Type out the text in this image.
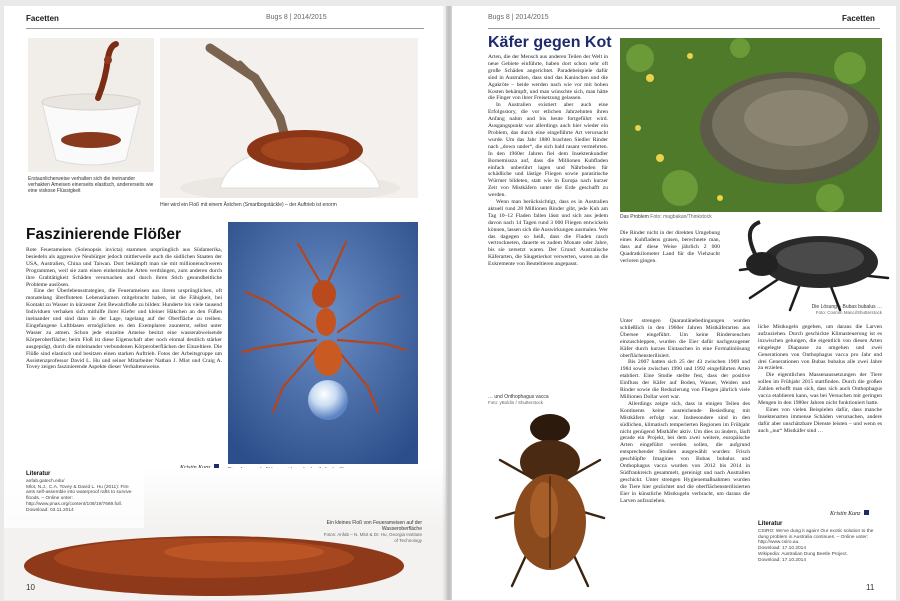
Facetten	Bugs 8 | 2014/2015
Erstaunlicherweise verhalten sich die ineinander verhakten Ameisen einerseits elastisch, andererseits wie eine viskose Flüssigkeit
Hier wird ein Floß mit einem Ästchen (Smartbogstäckle) – der Auftrieb ist enorm
Faszinierende Flößer

Rote Feuerameisen (Solenopsis invicta) stammen ursprünglich aus Südamerika, besiedeln als aggressive Neubürger jedoch mittlerweile auch die südlichen Staaten der USA, Australien, China und Taiwan. Dort bekämpft man sie mit millionenschweren Programmen, weil sie zum einen einheimische Arten verdrängen, zum anderen durch ihre Grabtätigkeit Schäden verursachen und durch ihren Stich gesundheitliche Probleme auslösen.

Eine der Überlebensstrategien, die Feuerameisen aus ihrem ursprünglichen, oft monatelang überfluteten Lebensräumen mitgebracht haben, ist die Fähigkeit, bei Kontakt zu Wasser in kürzester Zeit Bewahrfloße zu bilden: Hunderte bis viele tausend Individuen verhaken sich mithilfe ihrer Kiefer und kleiner Häkchen an den Füßen ineinander und sind dann in der Lage, tagelang auf der Oberfläche zu treiben. Eingefangene Luftblasen ermöglichen es den Exemplaren zuunterst, selbst unter Wasser zu atmen. Schon jede einzelne Ameise besitzt eine wasserabweisende Körperoberfläche; beim Floß ist diese Eigenschaft aber noch einmal deutlich stärker ausgeprägt, durch die miteinander verbundenen Körperoberflächen der Einzeltiere. Die Flöße sind elastisch und besitzen einen starken Auftrieb. Fotos der Arbeitsgruppe um Assistenzprofessor David L. Hu und seiner Mitarbeiter Nathan J. Mlot und Craig A. Tovey zeigen faszinierende Aspekte dieser Verhaltensweise.

Literatur
anfab.gatech.edu/
Mlot, N.J., C.A. Tovey & David L. Hu (2011): Fire ants self-assemble into waterproof rafts to survive floods. – Online unter: http://www.pnas.org/content/108/19/7669.full.
Download: 03.11.2014
Ein kleines Floß von Feuerameisen auf der Wasseroberfläche
Fotos: Anfab – N. Mlot & Dr. Hu, Georgia Institute of Technology
10
Bugs 8 | 2014/2015	Facetten
Käfer gegen Kot

Arten, die der Mensch aus anderen Teilen der Welt in neue Gebiete einführte, haben dort schon sehr oft große Schäden angerichtet. Paradebeispiele dafür sind in Australien, dass sind das Kaninchen und die Agakröte – beide werden nach wie vor mit hohen Kosten bekämpft, und man wünschte sich, man hätte die Finger von ihrer Freisetzung gelassen.

In Australien existiert aber auch eine Erfolgsstory, die vor etlichen Jahrzehnten ihren Anfang nahm und bis heute fortgeführt wird. Ausgangspunkt war allerdings auch hier wieder ein Problem, das durch eine eingeführte Art verursacht wurde. Um das Jahr 1880 brachten Siedler Rinder nach „down under“, die sich bald rasant vermehrten. In den 1960er Jahren fiel dem Insektenkundler Bornemissza auf, dass die Millionen Kuhfladen einfach unberührt lagen und Nährboden für schädliche und lästige Fliegen sowie parasitische Würmer bildeten, statt wie in Europa nach kurzer Zeit von Mistkäfern unter die Erde geschafft zu werden.

Wenn man berücksichtigt, dass es in Australien aktuell rund 28 Millionen Rinder gibt, jede Kuh am Tag 10–12 Fladen fallen lässt und sich aus jedem davon nach 14 Tagen rund 3 000 Fliegen entwickeln können, lassen sich die Auswirkungen ausmalen. Wer das dagegen so heiß, dass die Fladen rasch vertrockneten, dauerte es zudem Monate oder Jahre, bis sie zersetzt waren. Der Grund: Australische Käferarten, die Säugetierkot verwerten, waren an die Exkremente von Beuteltieren angepasst.

Das Problem Foto: magbakan/Thinkstock
Die Lösung – Bubas bubalus …
Foto: Cosmin Manci/Shutterstock

Die Rinder nicht in der direkten Umgebung eines Kuhfladens grasen, berechnete man, dass auf diese Weise jährlich 2 000 Quadratkilometer Land für die Viehzucht verloren gingen.

Unter strengen Quarantänebedingungen wurden schließlich in den 1960er Jahren Mistkäferarten aus Übersee eingeführt. Um keine Rinderseuchen einzuschleppen, wurden die Eier dafür nachgezogener Käfer durch kurzes Eintauchen in eine Formalinlösung oberflächensterilisiert.

Bis 2007 hatten sich 25 der 43 zwischen 1969 und 1984 sowie zwischen 1990 und 1992 eingeführten Arten etabliert. Eine Studie stellte fest, dass der positive Einfluss der Käfer auf Boden, Wasser, Weiden und Rinder sowie die Reduzierung von Fliegen jährlich viele Millionen Dollar wert war.

Allerdings zeigte sich, dass in einigen Teilen des Kontinents keine ausreichende Besiedlung mit Mistkäfern erfolgt war. Insbesondere sind in den südlichen, klimatisch temperierten Regionen im Frühjahr nicht genügend Mistkäfer aktiv. Um dies zu ändern, läuft gerade ein Projekt, bei dem zwei weitere, europäische Arten eingeführt werden sollen, die aufgrund entsprechender Studien ausgewählt wurden: Frisch geschlüpfte Imagines von Bubas bubalus und Onthophagus vacca wurden von 2012 bis 2014 in Südfrankreich gesammelt, gereinigt und nach Australien geschickt. Unter strengen Hygienemaßnahmen wurden die Tiere hier gezüchtet und die oberflächensterilisierten Eier in künstliche Mistkugeln verbracht, um daraus die Larven aufzuziehen.

liche Mistkugeln gegeben, um daraus die Larven aufzuziehen. Durch geschickte Klimasteuerung ist es inzwischen gelungen, die eigentlich von diesen Arten eingelegte Diapause zu umgehen und zwei Generationen von Onthophagus vacca pro Jahr und drei Generationen von Bubas bubalus alle zwei Jahre zu erzielen.

Die eigentlichen Massenaussetzungen der Tiere sollen im Frühjahr 2015 stattfinden. Durch die großen Zahlen erhofft man sich, dass sich auch Onthophagus vacca etablieren kann, was bei Versuchen mit geringen Mengen in den 1980er Jahren nicht funktioniert hatte.

Eines von vielen Beispielen dafür, dass manche Insektenarten immense Schäden verursachen, andere dafür aber unschätzbare Dienste leisten – und wenn es auch „nur“ Mistkäfer sind …

Kristin Kunz
… und Onthophagus vacca
Foto: yBoldin / Shutterstock
Literatur
CSIRO: We've dung it again! Our exotic solution to the dung problem in Australia continues. – Online unter: http://www.csiro.au.
Download: 17.10.2014
Wikipedia: Australian Dung Beetle Project.
Download: 17.10.2014
11
